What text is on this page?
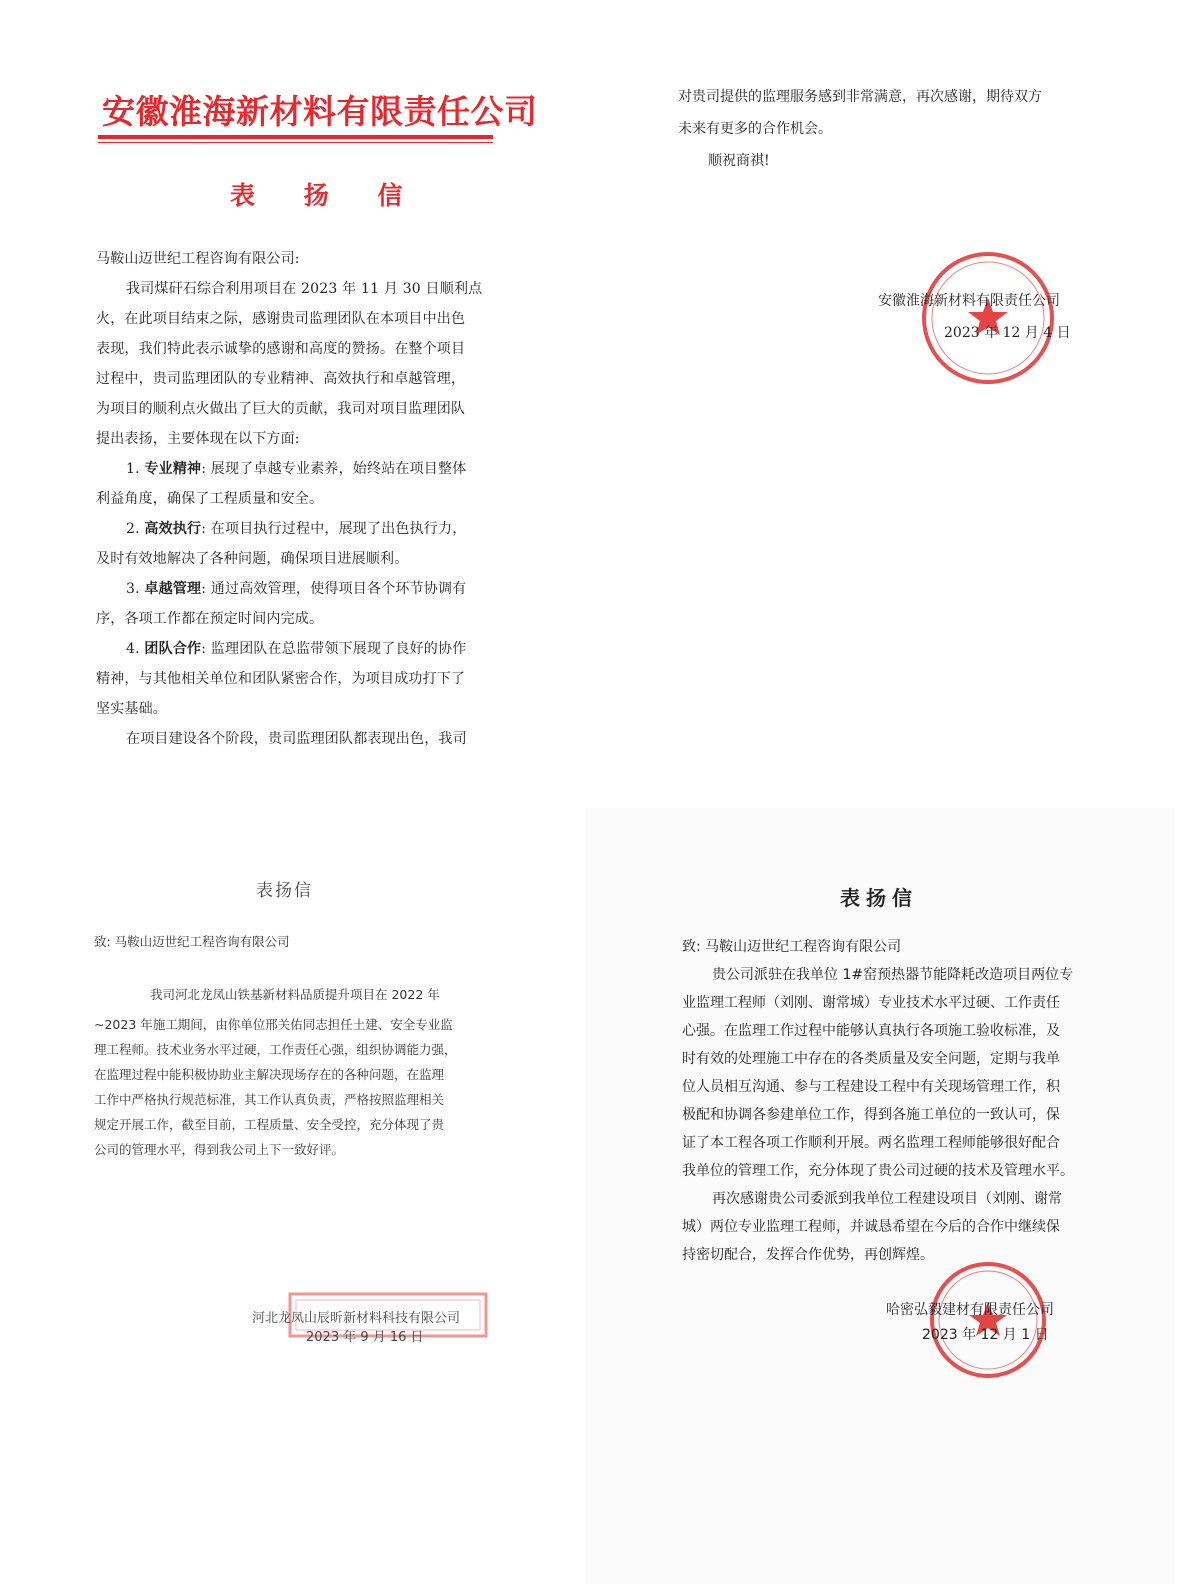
安徽淮海新材料有限责任公司

表 扬 信

马鞍山迈世纪工程咨询有限公司:

我司煤矸石综合利用项目在 2023 年 11 月 30 日顺利点

火，在此项目结束之际，感谢贵司监理团队在本项目中出色

表现，我们特此表示诚挚的感谢和高度的赞扬。在整个项目

过程中，贵司监理团队的专业精神、高效执行和卓越管理，

为项目的顺利点火做出了巨大的贡献，我司对项目监理团队

提出表扬，主要体现在以下方面:

1. 专业精神: 展现了卓越专业素养，始终站在项目整体

利益角度，确保了工程质量和安全。

2. 高效执行: 在项目执行过程中，展现了出色执行力，

及时有效地解决了各种问题，确保项目进展顺利。

3. 卓越管理: 通过高效管理，使得项目各个环节协调有

序，各项工作都在预定时间内完成。

4. 团队合作: 监理团队在总监带领下展现了良好的协作

精神，与其他相关单位和团队紧密合作，为项目成功打下了

坚实基础。

在项目建设各个阶段，贵司监理团队都表现出色，我司

对贵司提供的监理服务感到非常满意，再次感谢，期待双方

未来有更多的合作机会。

顺祝商祺!

安徽淮海新材料有限责任公司

2023 年 12 月 4 日

表扬信

致: 马鞍山迈世纪工程咨询有限公司

我司河北龙凤山铁基新材料品质提升项目在 2022 年

~2023 年施工期间，由你单位邢关佑同志担任土建、安全专业监

理工程师。技术业务水平过硬，工作责任心强，组织协调能力强，

在监理过程中能积极协助业主解决现场存在的各种问题，在监理

工作中严格执行规范标准，其工作认真负责，严格按照监理相关

规定开展工作，截至目前，工程质量、安全受控，充分体现了贵

公司的管理水平，得到我公司上下一致好评。

河北龙凤山辰昕新材料科技有限公司

2023 年 9 月 16 日

表扬信

致: 马鞍山迈世纪工程咨询有限公司

贵公司派驻在我单位 1#窑预热器节能降耗改造项目两位专

业监理工程师（刘刚、谢常城）专业技术水平过硬、工作责任

心强。在监理工作过程中能够认真执行各项施工验收标准，及

时有效的处理施工中存在的各类质量及安全问题，定期与我单

位人员相互沟通、参与工程建设工程中有关现场管理工作，积

极配和协调各参建单位工作，得到各施工单位的一致认可，保

证了本工程各项工作顺利开展。两名监理工程师能够很好配合

我单位的管理工作，充分体现了贵公司过硬的技术及管理水平。

再次感谢贵公司委派到我单位工程建设项目（刘刚、谢常

城）两位专业监理工程师，并诚恳希望在今后的合作中继续保

持密切配合，发挥合作优势，再创辉煌。

哈密弘毅建材有限责任公司

2023 年 12 月 1 日
